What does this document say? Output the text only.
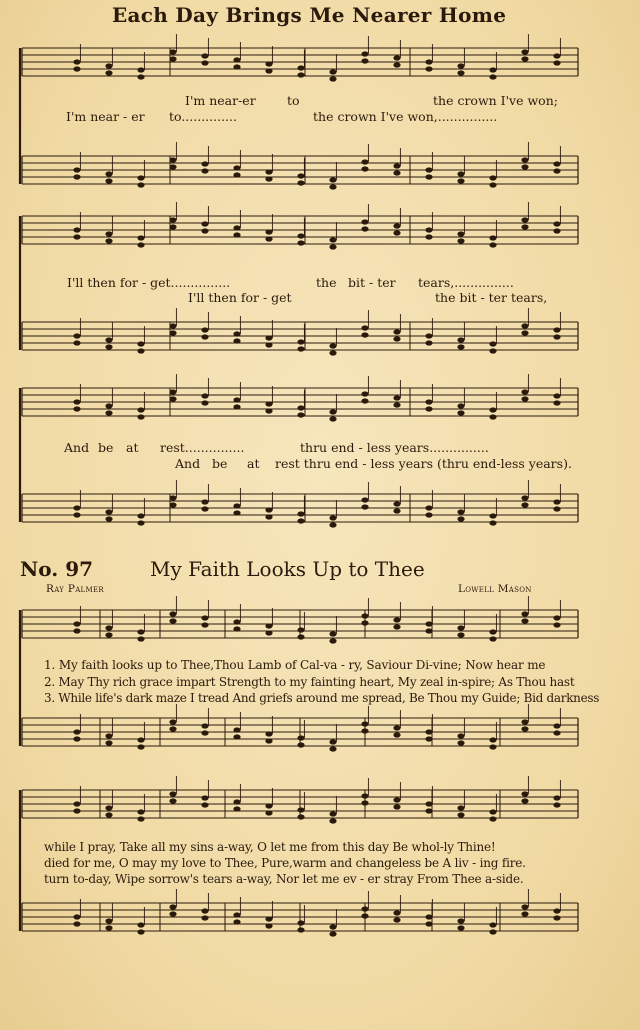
Each Day Brings Me Nearer Home
I'm near-er	to	the crown I've won;
I'm near - er to..............	the crown I've won,...............
I'll then for - get...............	the bit - ter tears,...............
I'll then for - get	the bit - ter tears,
And be at rest...............	thru end - less years...............
And be at rest thru end - less years (thru end-less years).
No. 97	My Faith Looks Up to Thee
Ray Palmer	Lowell Mason
1. My faith looks up to Thee,Thou Lamb of Cal-va - ry, Saviour Di-vine; Now hear me
2. May Thy rich grace impart Strength to my fainting heart, My zeal in-spire; As Thou hast
3. While life's dark maze I tread And griefs around me spread, Be Thou my Guide; Bid darkness
while I pray, Take all my sins a-way, O let me from this day Be whol-ly Thine!
died for me, O may my love to Thee, Pure,warm and changeless be A liv - ing fire.
turn to-day, Wipe sorrow's tears a-way, Nor let me ev - er stray From Thee a-side.
